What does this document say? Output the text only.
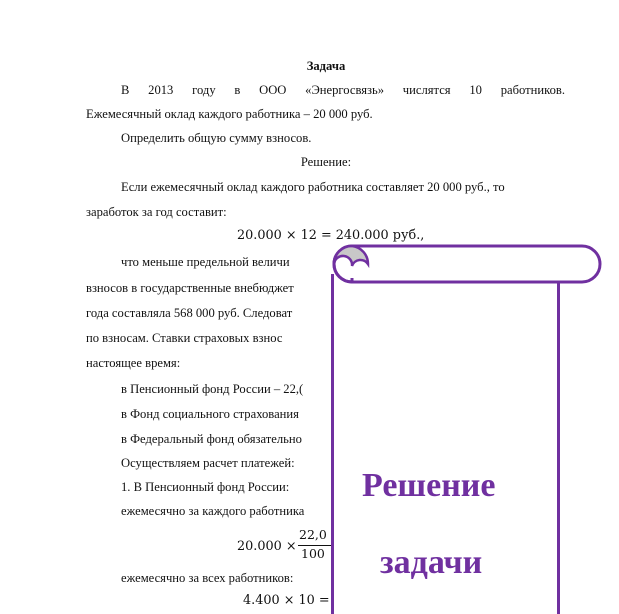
Задача
В 2013 году в ООО «Энергосвязь» числятся 10 работников.
Ежемесячный оклад каждого работника – 20 000 руб.
Определить общую сумму взносов.
Решение:
Если ежемесячный оклад каждого работника составляет 20 000 руб., то
заработок за год составит:
20.000 × 12 = 240.000 руб.,
что меньше предельной величи
взносов в государственные внебюджет
года составляла 568 000 руб. Следоват
по взносам. Ставки страховых взнос
настоящее время:
в Пенсионный фонд России – 22,(
в Фонд социального страхования
в Федеральный фонд обязательно
Осуществляем расчет платежей:
1. В Пенсионный фонд России:
ежемесячно за каждого работника
20.000 ×
22,0
100
ежемесячно за всех работников:
4.400 × 10 =
Решение
задачи
